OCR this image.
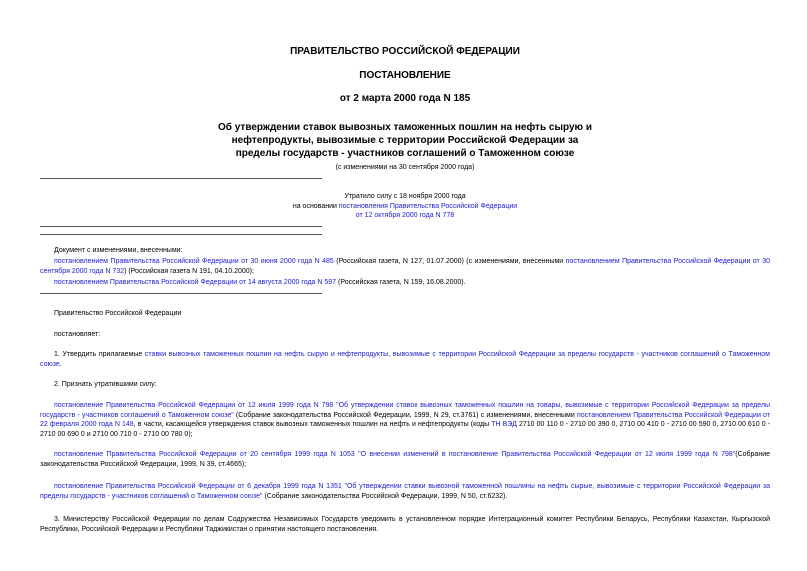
ПРАВИТЕЛЬСТВО РОССИЙСКОЙ ФЕДЕРАЦИИ
ПОСТАНОВЛЕНИЕ
от 2 марта 2000 года N 185
Об утверждении ставок вывозных таможенных пошлин на нефть сырую и
нефтепродукты, вывозимые с территории Российской Федерации за
пределы государств - участников соглашений о Таможенном союзе
(с изменениями на 30 сентября 2000 года)
Утратило силу с 18 ноября 2000 года
на основании постановления Правительства Российской Федерации
от 12 октября 2000 года N 778
Документ с изменениями, внесенными:
постановлением Правительства Российской Федерации от 30 июня 2000 года N 485 (Российская газета, N 127, 01.07.2000) (с изменениями, внесенными постановлением Правительства Российской Федерации от 30 сентября 2000 года N 732) (Российская газета N 191, 04.10.2000);
постановлением Правительства Российской Федерации от 14 августа 2000 года N 597 (Российская газета, N 159, 16.08.2000).
Правительство Российской Федерации
постановляет:
1. Утвердить прилагаемые ставки вывозных таможенных пошлин на нефть сырую и нефтепродукты, вывозимые с территории Российской Федерации за пределы государств - участников соглашений о Таможенном союзе.
2. Признать утратившими силу:
постановление Правительства Российской Федерации от 12 июля 1999 года N 798 "Об утверждении ставок вывозных таможенных пошлин на товары, вывозимые с территории Российской Федерации за пределы государств - участников соглашений о Таможенном союзе" (Собрание законодательства Российской Федерации, 1999, N 29, ст.3761) с изменениями, внесенными постановлением Правительства Российской Федерации от 22 февраля 2000 года N 148, в части, касающейся утверждения ставок вывозных таможенных пошлин на нефть и нефтепродукты (коды ТН ВЭД 2710 00 110 0 - 2710 00 390 0, 2710 00 410 0 - 2710 00 590 0, 2710 00 610 0 - 2710 00 690 0 и 2710 00 710 0 - 2710 00 780 0);
постановление Правительства Российской Федерации от 20 сентября 1999 года N 1053 "О внесении изменений в постановление Правительства Российской Федерации от 12 июля 1999 года N 798"(Собрание законодательства Российской Федерации, 1999, N 39, ст.4665);
постановление Правительства Российской Федерации от 6 декабря 1999 года N 1351 "Об утверждении ставки вывозной таможенной пошлины на нефть сырые, вывозимые с территории Российской Федерации за пределы государств - участников соглашений о Таможенном союзе" (Собрание законодательства Российской Федерации, 1999, N 50, ст.6232).
3. Министерству Российской Федерации по делам Содружества Независимых Государств уведомить в установленном порядке Интеграционный комитет Республики Беларусь, Республики Казахстан, Кыргызской Республики, Российской Федерации и Республики Таджикистан о принятии настоящего постановления.
